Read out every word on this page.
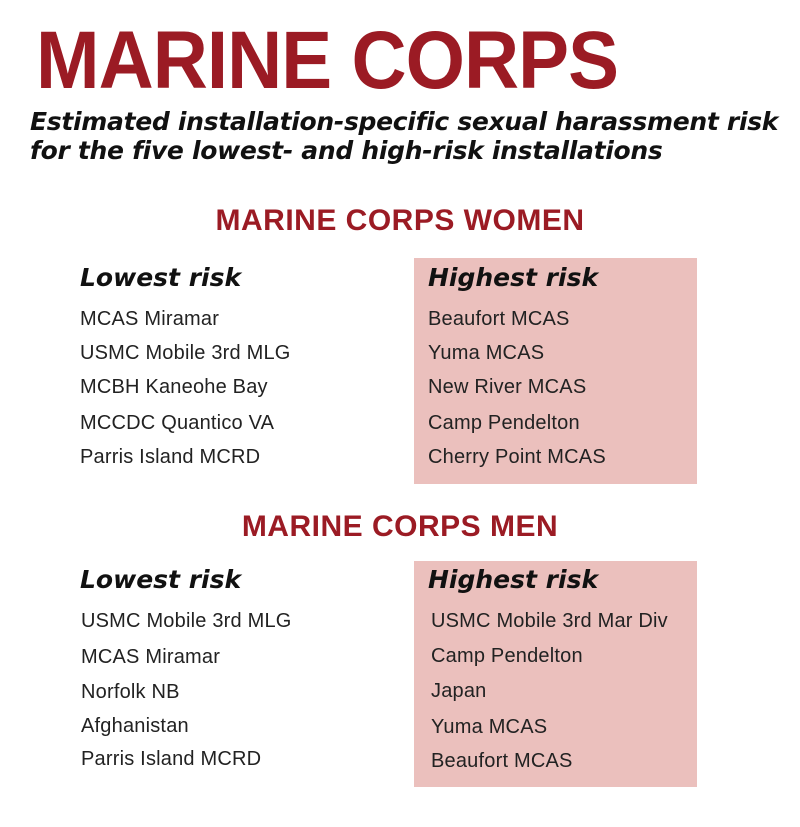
MARINE CORPS
Estimated installation-specific sexual harassment risk for the five lowest- and high-risk installations
MARINE CORPS WOMEN
Lowest risk
MCAS Miramar
USMC Mobile 3rd MLG
MCBH Kaneohe Bay
MCCDC Quantico VA
Parris Island MCRD
Highest risk
Beaufort MCAS
Yuma MCAS
New River MCAS
Camp Pendelton
Cherry Point MCAS
MARINE CORPS MEN
Lowest risk
USMC Mobile 3rd MLG
MCAS Miramar
Norfolk NB
Afghanistan
Parris Island MCRD
Highest risk
USMC Mobile 3rd Mar Div
Camp Pendelton
Japan
Yuma MCAS
Beaufort MCAS
